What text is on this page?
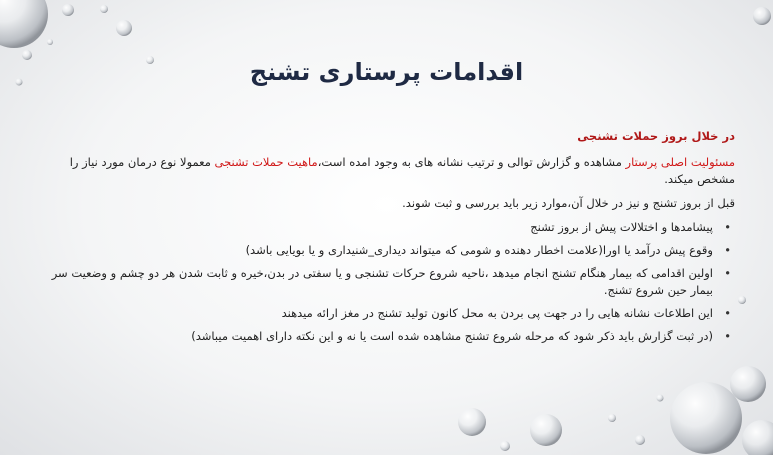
اقدامات پرستاری تشنج
در خلال بروز حملات تشنجی
مسئولیت اصلی پرستار مشاهده و گزارش توالی و ترتیب نشانه های به وجود امده است،ماهیت حملات تشنجی معمولا نوع درمان مورد نیاز را مشخص میکند.
قبل از بروز تشنج و نیز در خلال آن،موارد زیر باید بررسی و ثبت شوند.
• پیشامدها و اختلالات پیش از بروز تشنج
• وقوع پیش درآمد یا اورا(علامت اخطار دهنده و شومی که میتواند دیداری_شنیداری و یا بویایی باشد)
• اولین اقدامی که بیمار هنگام تشنج انجام میدهد ،ناحیه شروع حرکات تشنجی و یا سفتی در بدن،خیره و ثابت شدن هر دو چشم و وضعیت سر بیمار حین شروع تشنج.
• این اطلاعات نشانه هایی را در جهت پی بردن به محل کانون تولید تشنج در مغز ارائه میدهند
• (در ثبت گزارش باید ذکر شود که مرحله شروع تشنج مشاهده شده است یا نه و این نکته دارای اهمیت میباشد)
